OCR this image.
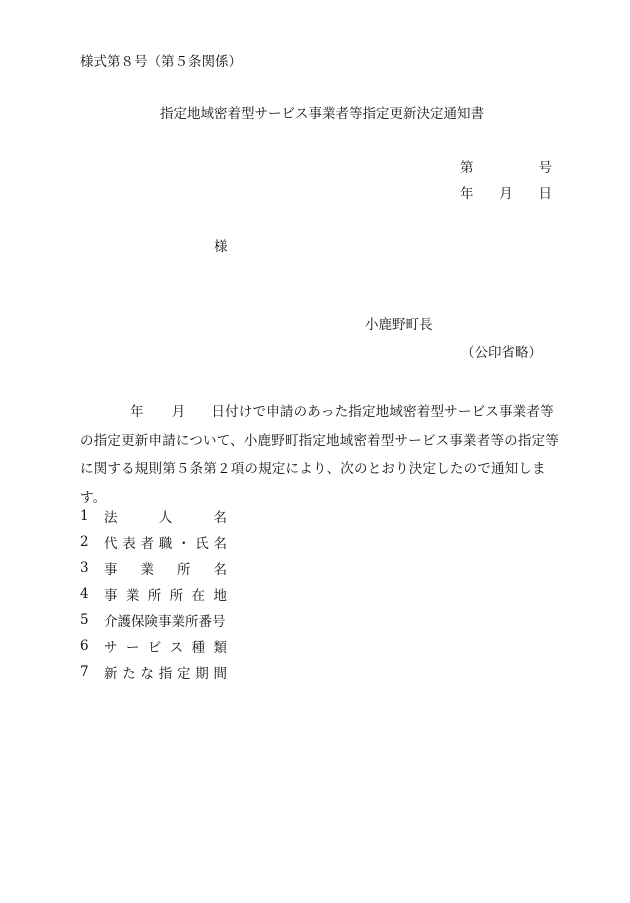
様式第８号（第５条関係）
指定地域密着型サービス事業者等指定更新決定通知書
第	号
年 月 日
様
小鹿野町長
（公印省略）
年 月 日付けで申請のあった指定地域密着型サービス事業者等の指定更新申請について、小鹿野町指定地域密着型サービス事業者等の指定等に関する規則第５条第２項の規定により、次のとおり決定したので通知します。
1	法	人	名
2	代 表 者 職 ・ 氏 名
3	事 業 所 名
4	事 業 所 所 在 地
5	介護保険事業所番号
6	サ ー ビ ス 種 類
7	新 た な 指 定 期 間
